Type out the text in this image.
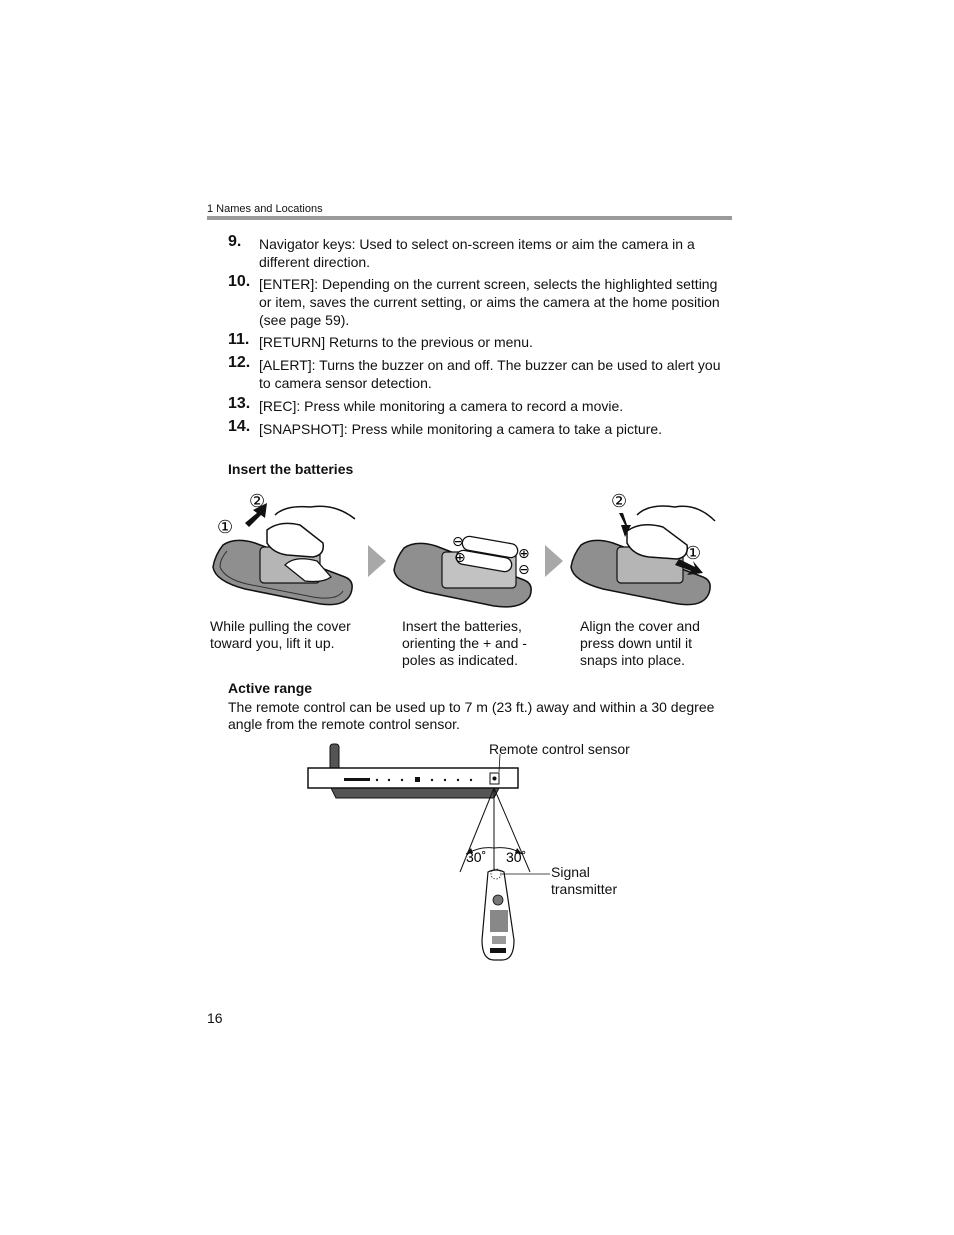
1 Names and Locations
9. Navigator keys: Used to select on-screen items or aim the camera in a different direction.
10. [ENTER]: Depending on the current screen, selects the highlighted setting or item, saves the current setting, or aims the camera at the home position (see page 59).
11. [RETURN] Returns to the previous or menu.
12. [ALERT]: Turns the buzzer on and off. The buzzer can be used to alert you to camera sensor detection.
13. [REC]: Press while monitoring a camera to record a movie.
14. [SNAPSHOT]: Press while monitoring a camera to take a picture.
Insert the batteries
②
①
⊖
⊕	⊕
⊖
②
①
While pulling the cover toward you, lift it up.
Insert the batteries, orienting the + and - poles as indicated.
Align the cover and press down until it snaps into place.
Active range
The remote control can be used up to 7 m (23 ft.) away and within a 30 degree angle from the remote control sensor.
Remote control sensor
30˚ 30˚
Signal
transmitter
16
